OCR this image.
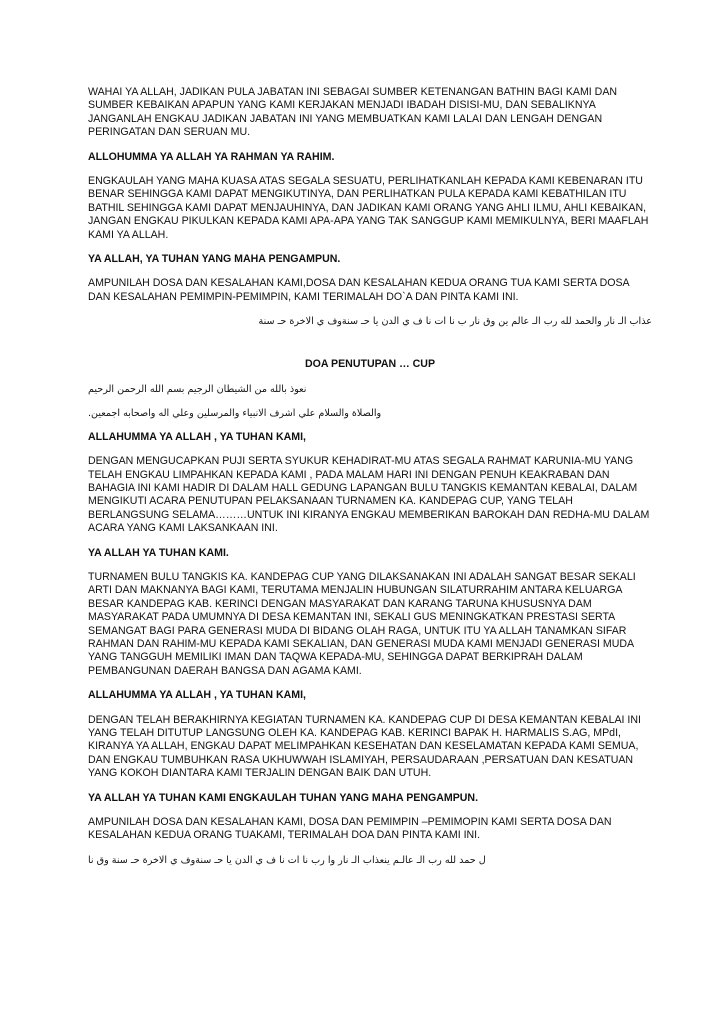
WAHAI YA ALLAH, JADIKAN PULA JABATAN INI SEBAGAI SUMBER KETENANGAN BATHIN BAGI KAMI DAN SUMBER KEBAIKAN APAPUN YANG KAMI KERJAKAN MENJADI IBADAH DISISI-MU, DAN SEBALIKNYA JANGANLAH ENGKAU JADIKAN JABATAN INI YANG MEMBUATKAN KAMI LALAI DAN LENGAH DENGAN PERINGATAN DAN SERUAN MU.

ALLOHUMMA YA ALLAH YA RAHMAN YA RAHIM.

ENGKAULAH YANG MAHA KUASA ATAS SEGALA SESUATU, PERLIHATKANLAH KEPADA KAMI KEBENARAN ITU BENAR SEHINGGA KAMI DAPAT MENGIKUTINYA, DAN PERLIHATKAN PULA KEPADA KAMI KEBATHILAN ITU BATHIL SEHINGGA KAMI DAPAT MENJAUHINYA, DAN JADIKAN KAMI ORANG YANG AHLI ILMU, AHLI KEBAIKAN, JANGAN ENGKAU PIKULKAN KEPADA KAMI APA-APA YANG TAK SANGGUP KAMI MEMIKULNYA, BERI MAAFLAH KAMI YA ALLAH.

YA ALLAH, YA TUHAN YANG MAHA PENGAMPUN.

AMPUNILAH DOSA DAN KESALAHAN KAMI,DOSA DAN KESALAHAN KEDUA ORANG TUA KAMI SERTA DOSA DAN KESALAHAN PEMIMPIN-PEMIMPIN, KAMI TERIMALAH DO`A DAN PINTA KAMI INI.

عذاب الـ نار والحمد لله رب الـ عالم ين وق نار ب نا ات نا ف ي الدن يا حـ سنةوف ي الاخرة حـ سنة

DOA PENUTUPAN … CUP

نعوذ بالله من الشيطان الرجيم بسم الله الرحمن الرحيم

والصلاة والسلام علي اشرف الانبياء والمرسلين وعلي اله واصحابه اجمعين.

ALLAHUMMA YA ALLAH , YA TUHAN KAMI,

DENGAN MENGUCAPKAN PUJI SERTA SYUKUR KEHADIRAT-MU ATAS SEGALA RAHMAT KARUNIA-MU YANG TELAH ENGKAU LIMPAHKAN KEPADA KAMI , PADA MALAM HARI INI DENGAN PENUH KEAKRABAN DAN BAHAGIA INI KAMI HADIR DI DALAM HALL GEDUNG LAPANGAN BULU TANGKIS KEMANTAN KEBALAI, DALAM MENGIKUTI ACARA PENUTUPAN PELAKSANAAN TURNAMEN KA. KANDEPAG CUP, YANG TELAH BERLANGSUNG SELAMA………UNTUK INI KIRANYA ENGKAU MEMBERIKAN BAROKAH DAN REDHA-MU DALAM ACARA YANG KAMI LAKSANKAAN INI.

YA ALLAH YA TUHAN KAMI.

TURNAMEN BULU TANGKIS KA. KANDEPAG CUP YANG DILAKSANAKAN INI ADALAH SANGAT BESAR SEKALI ARTI DAN MAKNANYA BAGI KAMI, TERUTAMA MENJALIN HUBUNGAN SILATURRAHIM ANTARA KELUARGA BESAR KANDEPAG KAB. KERINCI DENGAN MASYARAKAT DAN KARANG TARUNA KHUSUSNYA DAM MASYARAKAT PADA UMUMNYA DI DESA KEMANTAN INI, SEKALI GUS MENINGKATKAN PRESTASI SERTA SEMANGAT BAGI PARA GENERASI MUDA DI BIDANG OLAH RAGA, UNTUK ITU YA ALLAH TANAMKAN SIFAR RAHMAN DAN RAHIM-MU KEPADA KAMI SEKALIAN, DAN GENERASI MUDA KAMI MENJADI GENERASI MUDA YANG TANGGUH MEMILIKI IMAN DAN TAQWA KEPADA-MU, SEHINGGA DAPAT BERKIPRAH DALAM PEMBANGUNAN DAERAH BANGSA DAN AGAMA KAMI.

ALLAHUMMA YA ALLAH , YA TUHAN KAMI,

DENGAN TELAH BERAKHIRNYA KEGIATAN TURNAMEN KA. KANDEPAG CUP DI DESA KEMANTAN KEBALAI INI YANG TELAH DITUTUP LANGSUNG OLEH KA. KANDEPAG KAB. KERINCI BAPAK H. HARMALIS S.AG, MPdI, KIRANYA YA ALLAH, ENGKAU DAPAT MELIMPAHKAN KESEHATAN DAN KESELAMATAN KEPADA KAMI SEMUA, DAN ENGKAU TUMBUHKAN RASA UKHUWWAH ISLAMIYAH, PERSAUDARAAN ,PERSATUAN DAN KESATUAN YANG KOKOH DIANTARA KAMI TERJALIN DENGAN BAIK DAN UTUH.

YA ALLAH YA TUHAN KAMI ENGKAULAH TUHAN YANG MAHA PENGAMPUN.

AMPUNILAH DOSA DAN KESALAHAN KAMI, DOSA DAN PEMIMPIN –PEMIMOPIN KAMI SERTA DOSA DAN KESALAHAN KEDUA ORANG TUAKAMI, TERIMALAH DOA DAN PINTA KAMI INI.

ل حمد لله رب الـ عالـم ينعذاب الـ نار وا رب نا ات نا ف ي الدن يا حـ سنةوف ي الاخرة حـ سنة وق نا
